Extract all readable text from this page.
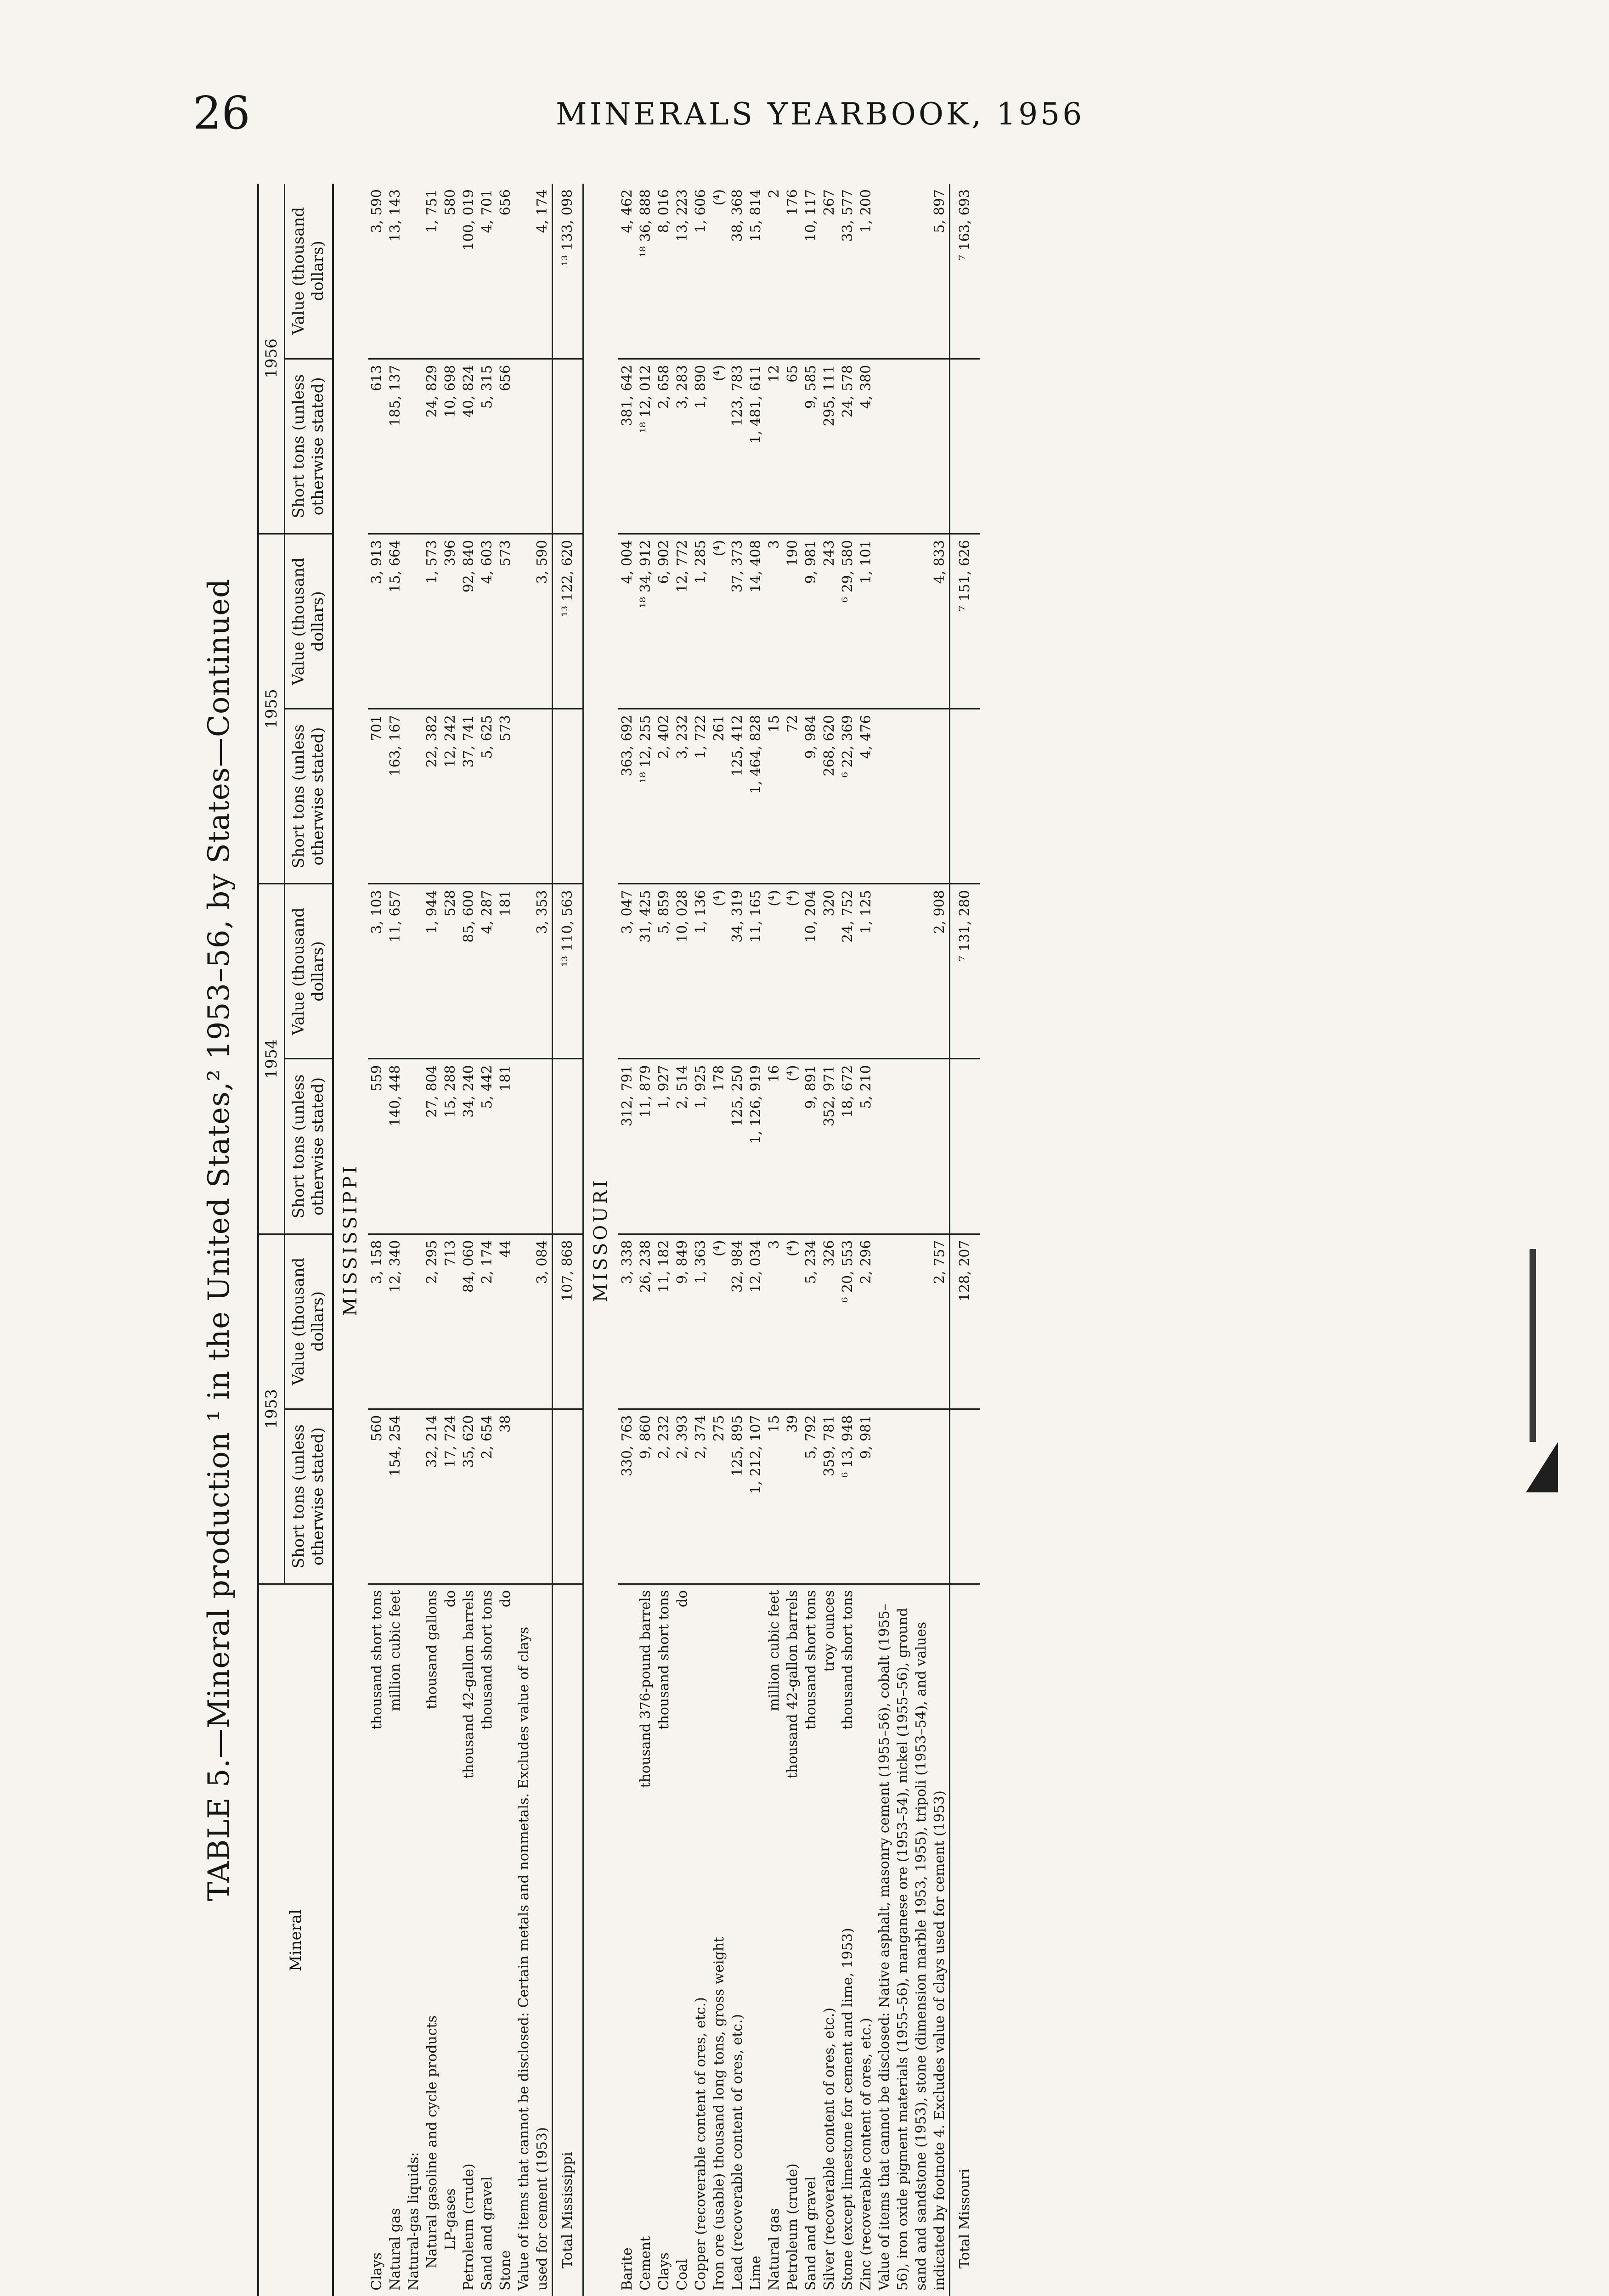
26	MINERALS YEARBOOK, 1956
TABLE 5.—Mineral production ¹ in the United States,² 1953–56, by States—Continued
Mineral	1953		1954		1955		1956	
	Short tons (unless otherwise stated)	Value (thousand dollars)	Short tons (unless otherwise stated)	Value (thousand dollars)	Short tons (unless otherwise stated)	Value (thousand dollars)	Short tons (unless otherwise stated)	Value (thousand dollars)
MISSISSIPPI								

thousand short tons
Clays	560	3, 158	559	3, 103	701	3, 913	613	3, 590

million cubic feet
Natural gas	154, 254	12, 340	140, 448	11, 657	163, 167	15, 664	185, 137	13, 143
Natural-gas liquids:								

thousand gallons
Natural gasoline and cycle products	32, 214	2, 295	27, 804	1, 944	22, 382	1, 573	24, 829	1, 751

do
LP-gases	17, 724	713	15, 288	528	12, 242	396	10, 698	580

thousand 42-gallon barrels
Petroleum (crude)	35, 620	84, 060	34, 240	85, 600	37, 741	92, 840	40, 824	100, 019

thousand short tons
Sand and gravel	2, 654	2, 174	5, 442	4, 287	5, 625	4, 603	5, 315	4, 701

do
Stone	38	44	181	181	573	573	656	656
Value of items that cannot be disclosed: Certain metals and nonmetals. Excludes value of clays used for cement (1953)		3, 084		3, 353		3, 590		4, 174
Total Mississippi		107, 868		¹³ 110, 563		¹³ 122, 620		¹³ 133, 098
MISSOURI								
Barite	330, 763	3, 338	312, 791	3, 047	363, 692	4, 004	381, 642	4, 462

thousand 376-pound barrels
Cement	9, 860	26, 238	11, 879	31, 425	¹⁸ 12, 255	¹⁸ 34, 912	¹⁸ 12, 012	¹⁸ 36, 888

thousand short tons
Clays	2, 232	11, 182	1, 927	5, 859	2, 402	6, 902	2, 658	8, 016

do
Coal	2, 393	9, 849	2, 514	10, 028	3, 232	12, 772	3, 283	13, 223
Copper (recoverable content of ores, etc.)	2, 374	1, 363	1, 925	1, 136	1, 722	1, 285	1, 890	1, 606
Iron ore (usable) thousand long tons, gross weight	275	(⁴)	178	(⁴)	261	(⁴)	(⁴)	(⁴)
Lead (recoverable content of ores, etc.)	125, 895	32, 984	125, 250	34, 319	125, 412	37, 373	123, 783	38, 368
Lime	1, 212, 107	12, 034	1, 126, 919	11, 165	1, 464, 828	14, 408	1, 481, 611	15, 814

million cubic feet
Natural gas	15	3	16	(⁴)	15	3	12	2

thousand 42-gallon barrels
Petroleum (crude)	39	(⁴)	(⁴)	(⁴)	72	190	65	176

thousand short tons
Sand and gravel	5, 792	5, 234	9, 891	10, 204	9, 984	9, 981	9, 585	10, 117

troy ounces
Silver (recoverable content of ores, etc.)	359, 781	326	352, 971	320	268, 620	243	295, 111	267

thousand short tons
Stone (except limestone for cement and lime, 1953)	⁶ 13, 948	⁶ 20, 553	18, 672	24, 752	⁶ 22, 369	⁶ 29, 580	24, 578	33, 577
Zinc (recoverable content of ores, etc.)	9, 981	2, 296	5, 210	1, 125	4, 476	1, 101	4, 380	1, 200
Value of items that cannot be disclosed: Native asphalt, masonry cement (1955–56), cobalt (1955–56), iron oxide pigment materials (1955–56), manganese ore (1953–54), nickel (1955–56), ground sand and sandstone (1953), stone (dimension marble 1953, 1955), tripoli (1953–54), and values indicated by footnote 4. Excludes value of clays used for cement (1953)		2, 757		2, 908		4, 833		5, 897
Total Missouri		128, 207		⁷ 131, 280		⁷ 151, 626		⁷ 163, 693
